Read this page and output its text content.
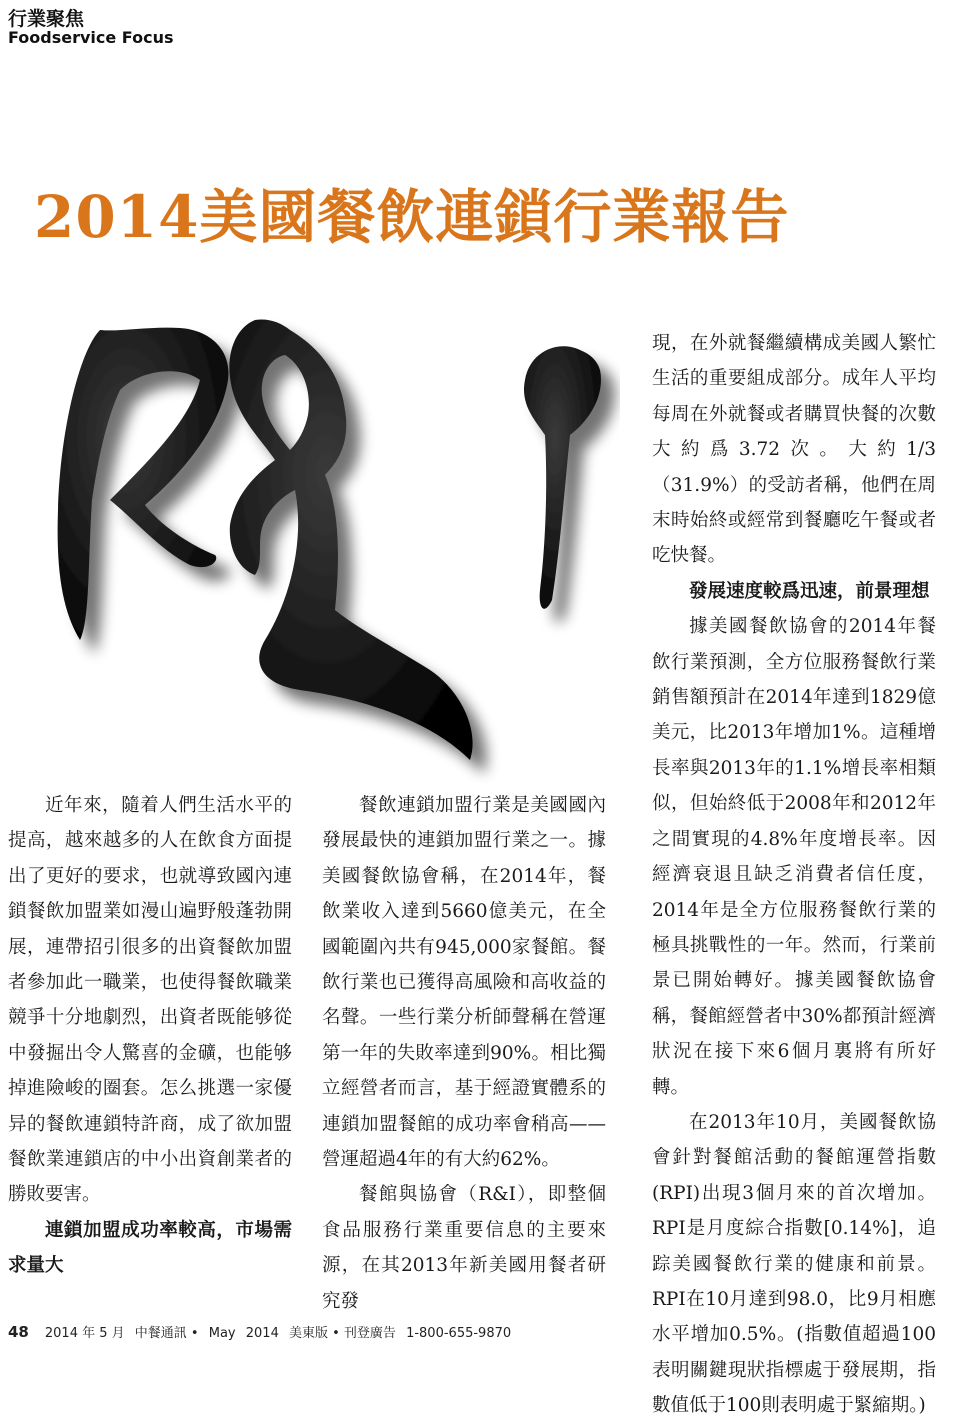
行業聚焦
Foodservice Focus
2014美國餐飲連鎖行業報告

近年來，隨着人們生活水平的提高，越來越多的人在飲食方面提出了更好的要求，也就導致國內連鎖餐飲加盟業如漫山遍野般蓬勃開展，連帶招引很多的出資餐飲加盟者參加此一職業，也使得餐飲職業競爭十分地劇烈，出資者既能够從中發掘出令人驚喜的金礦，也能够掉進險峻的圈套。怎么挑選一家優异的餐飲連鎖特許商，成了欲加盟餐飲業連鎖店的中小出資創業者的勝敗要害。

連鎖加盟成功率較高，市場需求量大

餐飲連鎖加盟行業是美國國內發展最快的連鎖加盟行業之一。據美國餐飲協會稱，在2014年，餐飲業收入達到5660億美元，在全國範圍內共有945,000家餐館。餐飲行業也已獲得高風險和高收益的名聲。一些行業分析師聲稱在營運第一年的失敗率達到90%。相比獨立經營者而言，基于經證實體系的連鎖加盟餐館的成功率會稍高——營運超過4年的有大約62%。

餐館與協會（R&I），即整個食品服務行業重要信息的主要來源，在其2013年新美國用餐者研究發

現，在外就餐繼續構成美國人繁忙生活的重要組成部分。成年人平均每周在外就餐或者購買快餐的次數大約爲3.72次。大約1/3（31.9%）的受訪者稱，他們在周末時始終或經常到餐廳吃午餐或者吃快餐。

發展速度較爲迅速，前景理想

據美國餐飲協會的2014年餐飲行業預測，全方位服務餐飲行業銷售額預計在2014年達到1829億美元，比2013年增加1%。這種增長率與2013年的1.1%增長率相類似，但始終低于2008年和2012年之間實現的4.8%年度增長率。因經濟衰退且缺乏消費者信任度，2014年是全方位服務餐飲行業的極具挑戰性的一年。然而，行業前景已開始轉好。據美國餐飲協會稱，餐館經營者中30%都預計經濟狀況在接下來6個月裏將有所好轉。

在2013年10月，美國餐飲協會針對餐館活動的餐館運營指數(RPI)出現3個月來的首次增加。RPI是月度綜合指數[0.14%]，追踪美國餐飲行業的健康和前景。RPI在10月達到98.0，比9月相應水平增加0.5%。(指數值超過100表明關鍵現狀指標處于發展期，指數值低于100則表明處于緊縮期。)

48 2014 年 5 月 中餐通訊 • May 2014 美東版 • 刊登廣告 1-800-655-9870
